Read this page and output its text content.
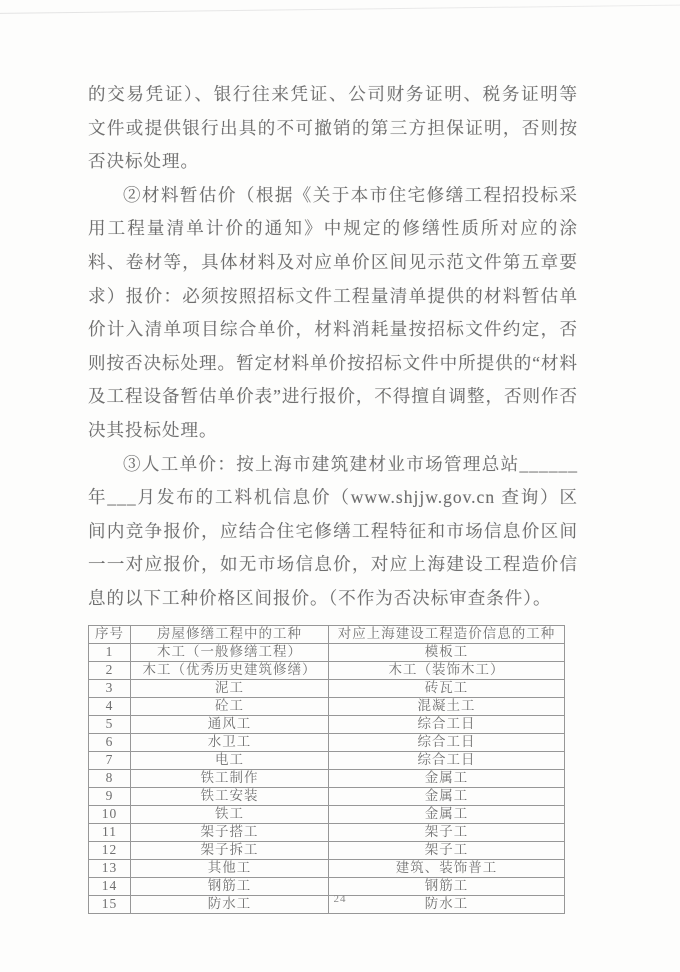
的交易凭证）、银行往来凭证、公司财务证明、税务证明等文件或提供银行出具的不可撤销的第三方担保证明，否则按否决标处理。

②材料暂估价（根据《关于本市住宅修缮工程招投标采用工程量清单计价的通知》中规定的修缮性质所对应的涂料、卷材等，具体材料及对应单价区间见示范文件第五章要求）报价：必须按照招标文件工程量清单提供的材料暂估单价计入清单项目综合单价，材料消耗量按招标文件约定，否则按否决标处理。暂定材料单价按招标文件中所提供的“材料及工程设备暂估单价表”进行报价，不得擅自调整，否则作否决其投标处理。

③人工单价：按上海市建筑建材业市场管理总站______年___月发布的工料机信息价（www.shjjw.gov.cn 查询）区间内竞争报价，应结合住宅修缮工程特征和市场信息价区间一一对应报价，如无市场信息价，对应上海建设工程造价信息的以下工种价格区间报价。（不作为否决标审查条件）。

序号	房屋修缮工程中的工种	对应上海建设工程造价信息的工种
1	木工（一般修缮工程）	模板工
2	木工（优秀历史建筑修缮）	木工（装饰木工）
3	泥工	砖瓦工
4	砼工	混凝土工
5	通风工	综合工日
6	水卫工	综合工日
7	电工	综合工日
8	铁工制作	金属工
9	铁工安装	金属工
10	铁工	金属工
11	架子搭工	架子工
12	架子拆工	架子工
13	其他工	建筑、装饰普工
14	钢筋工	钢筋工
15	防水工	防水工
24
